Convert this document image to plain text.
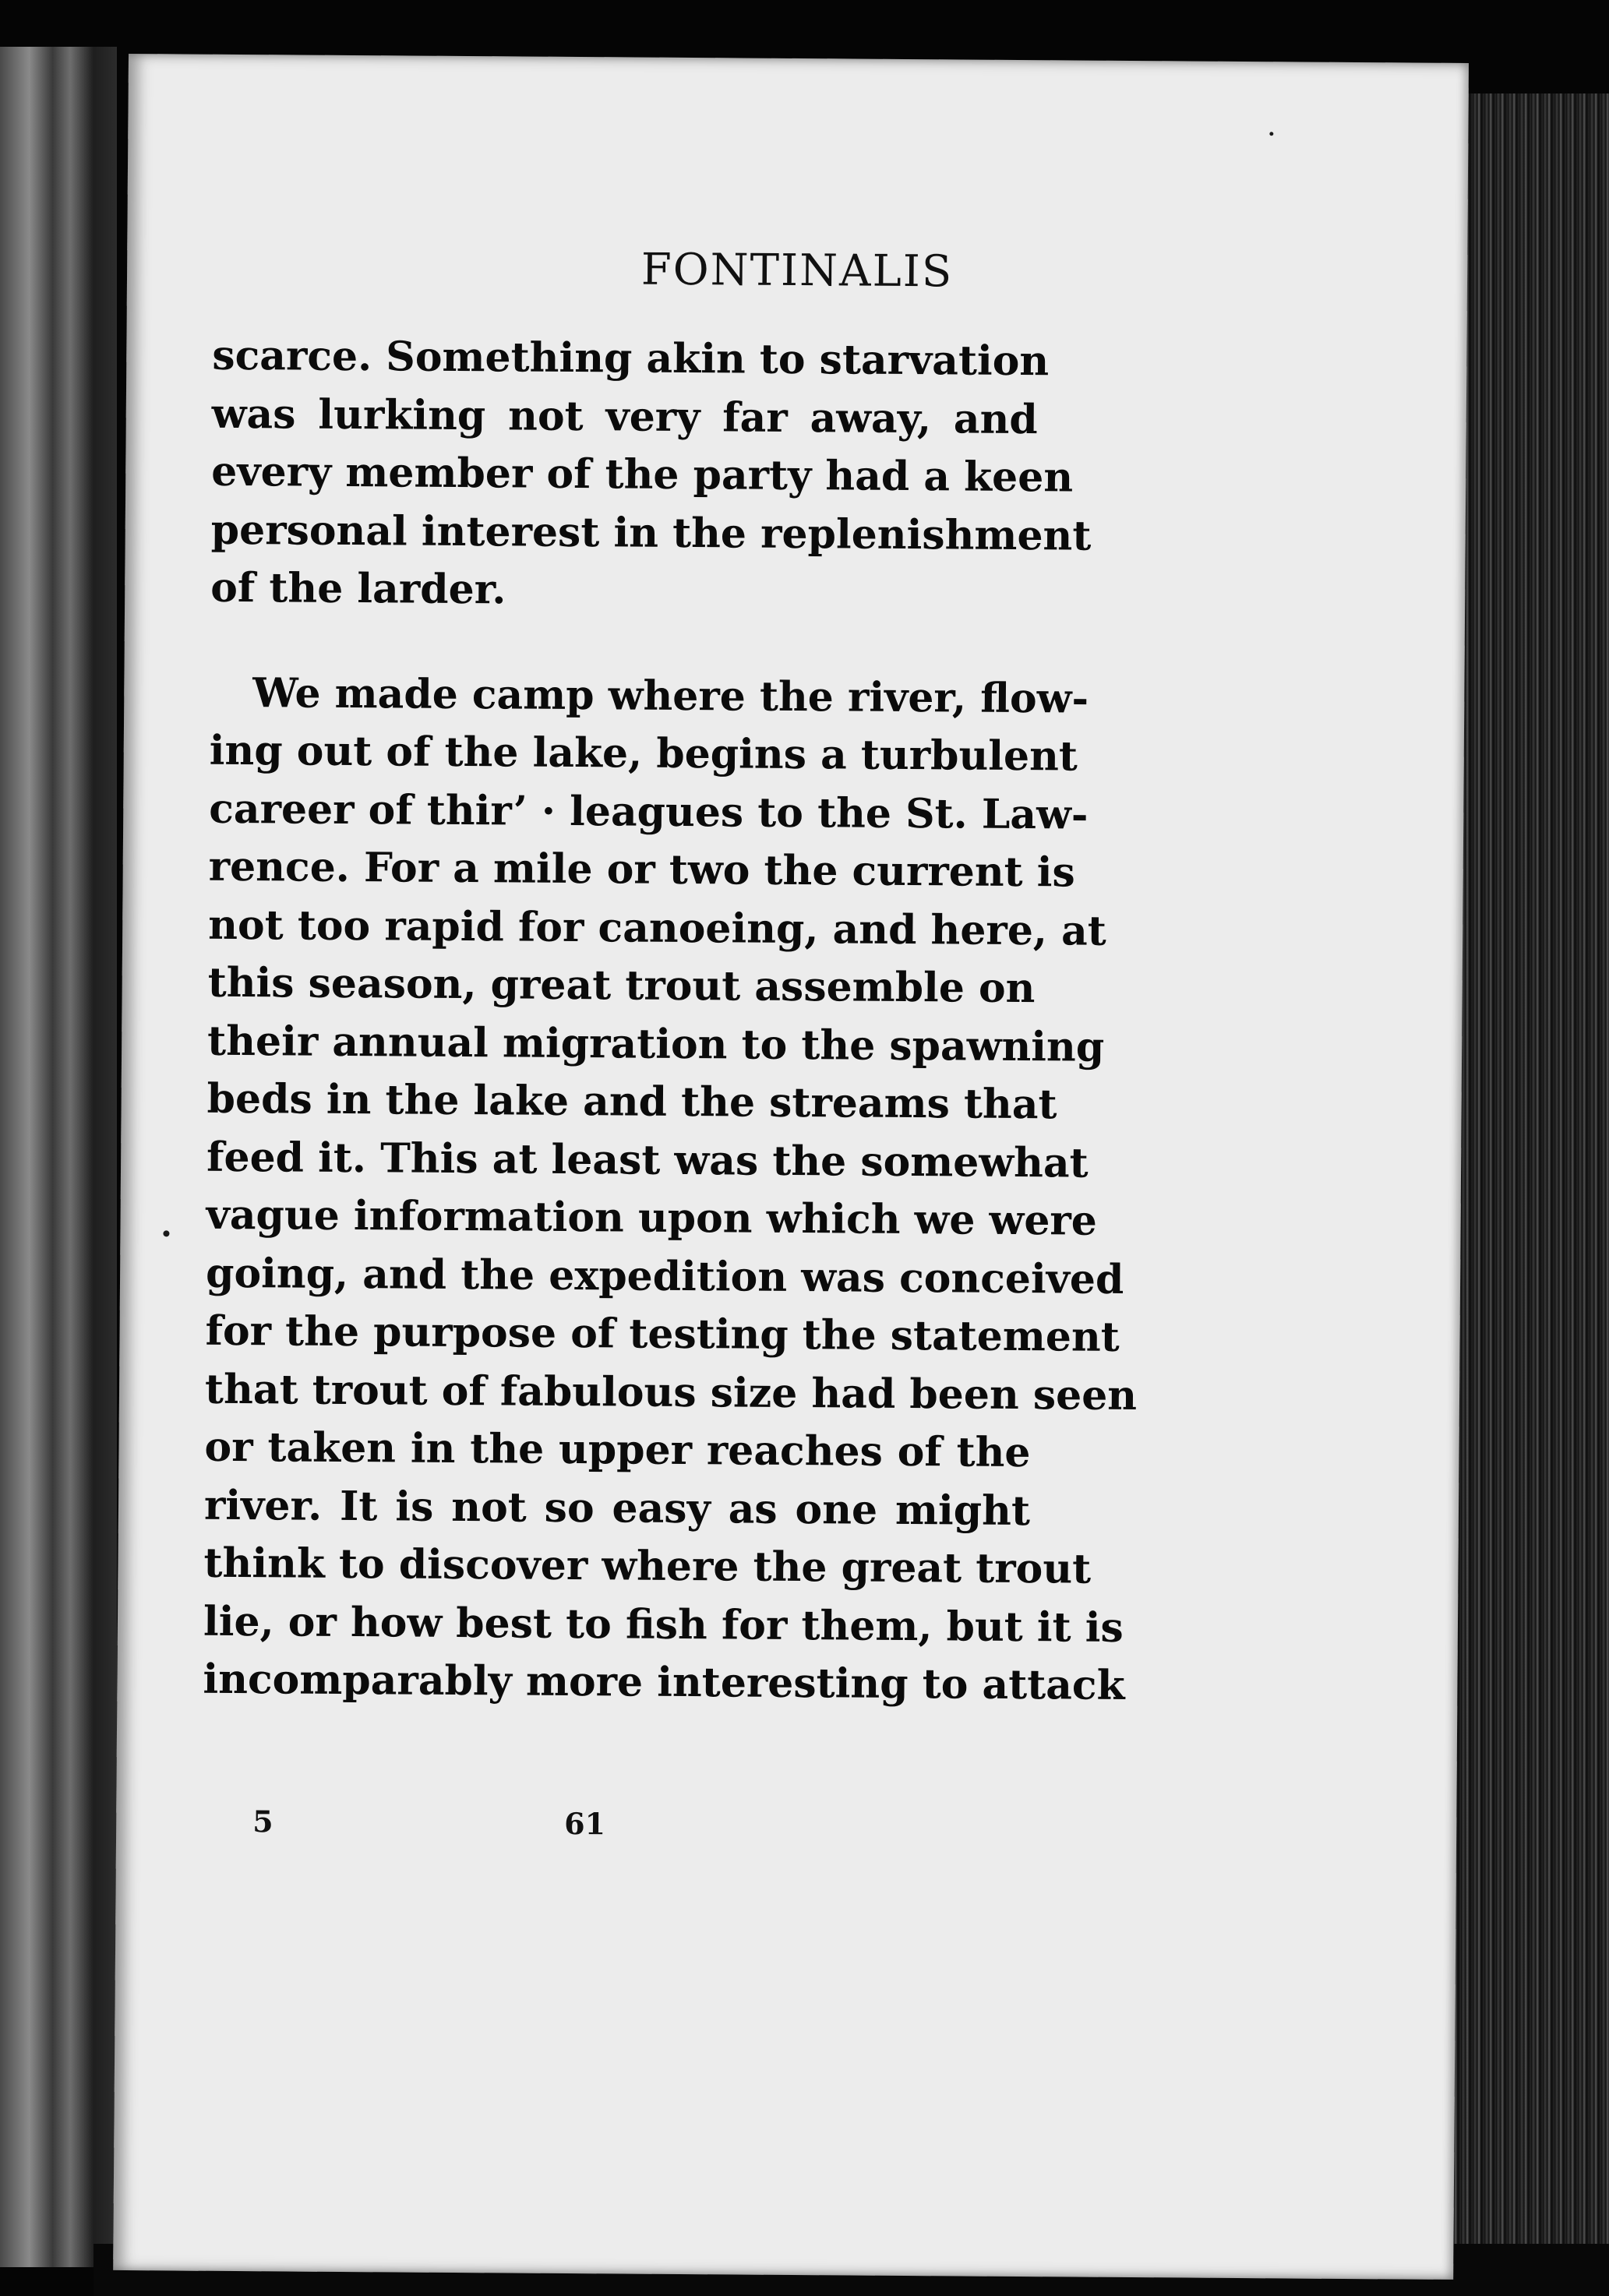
FONTINALIS
scarce. Something akin to starvation
was lurking not very far away, and
every member of the party had a keen
personal interest in the replenishment
of the larder.
We made camp where the river, flow-
ing out of the lake, begins a turbulent
career of thir’ · leagues to the St. Law-
rence. For a mile or two the current is
not too rapid for canoeing, and here, at
this season, great trout assemble on
their annual migration to the spawning
beds in the lake and the streams that
feed it. This at least was the somewhat
vague information upon which we were
going, and the expedition was conceived
for the purpose of testing the statement
that trout of fabulous size had been seen
or taken in the upper reaches of the
river. It is not so easy as one might
think to discover where the great trout
lie, or how best to fish for them, but it is
incomparably more interesting to attack
5	61
